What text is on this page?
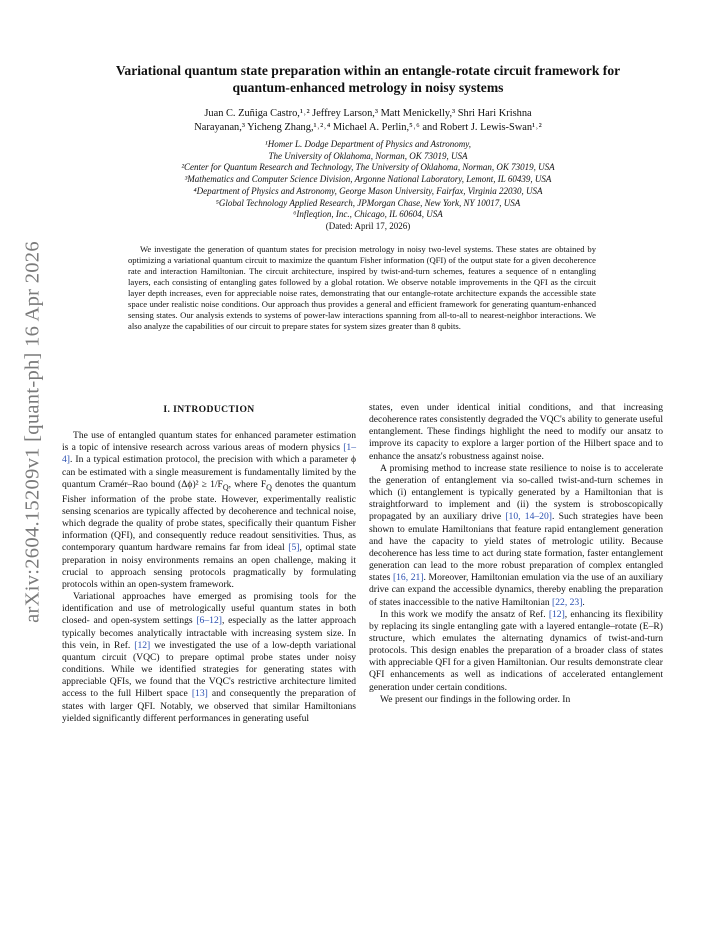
arXiv:2604.15209v1 [quant-ph] 16 Apr 2026
Variational quantum state preparation within an entangle-rotate circuit framework for
quantum-enhanced metrology in noisy systems
Juan C. Zuñiga Castro,¹˒² Jeffrey Larson,³ Matt Menickelly,³ Shri Hari Krishna
Narayanan,³ Yicheng Zhang,¹˒²˒⁴ Michael A. Perlin,⁵˒⁶ and Robert J. Lewis-Swan¹˒²
¹Homer L. Dodge Department of Physics and Astronomy,
The University of Oklahoma, Norman, OK 73019, USA
²Center for Quantum Research and Technology, The University of Oklahoma, Norman, OK 73019, USA
³Mathematics and Computer Science Division, Argonne National Laboratory, Lemont, IL 60439, USA
⁴Department of Physics and Astronomy, George Mason University, Fairfax, Virginia 22030, USA
⁵Global Technology Applied Research, JPMorgan Chase, New York, NY 10017, USA
⁶Infleqtion, Inc., Chicago, IL 60604, USA
(Dated: April 17, 2026)
We investigate the generation of quantum states for precision metrology in noisy two-level systems. These states are obtained by optimizing a variational quantum circuit to maximize the quantum Fisher information (QFI) of the output state for a given decoherence rate and interaction Hamiltonian. The circuit architecture, inspired by twist-and-turn schemes, features a sequence of n entangling layers, each consisting of entangling gates followed by a global rotation. We observe notable improvements in the QFI as the circuit layer depth increases, even for appreciable noise rates, demonstrating that our entangle-rotate architecture expands the accessible state space under realistic noise conditions. Our approach thus provides a general and efficient framework for generating quantum-enhanced sensing states. Our analysis extends to systems of power-law interactions spanning from all-to-all to nearest-neighbor interactions. We also analyze the capabilities of our circuit to prepare states for system sizes greater than 8 qubits.
I. INTRODUCTION

The use of entangled quantum states for enhanced parameter estimation is a topic of intensive research across various areas of modern physics [1–4]. In a typical estimation protocol, the precision with which a parameter ϕ can be estimated with a single measurement is fundamentally limited by the quantum Cramér–Rao bound $(\Delta\phi)^2 \ge 1/F_Q$, where $F_Q$ denotes the quantum Fisher information of the probe state. However, experimentally realistic sensing scenarios are typically affected by decoherence and technical noise, which degrade the quality of probe states, specifically their quantum Fisher information (QFI), and consequently reduce readout sensitivities. Thus, as contemporary quantum hardware remains far from ideal [5], optimal state preparation in noisy environments remains an open challenge, making it crucial to approach sensing protocols pragmatically by formulating protocols within an open-system framework.

Variational approaches have emerged as promising tools for the identification and use of metrologically useful quantum states in both closed- and open-system settings [6–12], especially as the latter approach typically becomes analytically intractable with increasing system size. In this vein, in Ref. [12] we investigated the use of a low-depth variational quantum circuit (VQC) to prepare optimal probe states under noisy conditions. While we identified strategies for generating states with appreciable QFIs, we found that the VQC's restrictive architecture limited access to the full Hilbert space [13] and consequently the preparation of states with larger QFI. Notably, we observed that similar Hamiltonians yielded significantly different performances in generating useful

states, even under identical initial conditions, and that increasing decoherence rates consistently degraded the VQC's ability to generate useful entanglement. These findings highlight the need to modify our ansatz to improve its capacity to explore a larger portion of the Hilbert space and to enhance the ansatz's robustness against noise.

A promising method to increase state resilience to noise is to accelerate the generation of entanglement via so-called twist-and-turn schemes in which (i) entanglement is typically generated by a Hamiltonian that is straightforward to implement and (ii) the system is stroboscopically propagated by an auxiliary drive [10, 14–20]. Such strategies have been shown to emulate Hamiltonians that feature rapid entanglement generation and have the capacity to yield states of metrologic utility. Because decoherence has less time to act during state formation, faster entanglement generation can lead to the more robust preparation of complex entangled states [16, 21]. Moreover, Hamiltonian emulation via the use of an auxiliary drive can expand the accessible dynamics, thereby enabling the preparation of states inaccessible to the native Hamiltonian [22, 23].

In this work we modify the ansatz of Ref. [12], enhancing its flexibility by replacing its single entangling gate with a layered entangle–rotate (E–R) structure, which emulates the alternating dynamics of twist-and-turn protocols. This design enables the preparation of a broader class of states with appreciable QFI for a given Hamiltonian. Our results demonstrate clear QFI enhancements as well as indications of accelerated entanglement generation under certain conditions.

We present our findings in the following order. In
